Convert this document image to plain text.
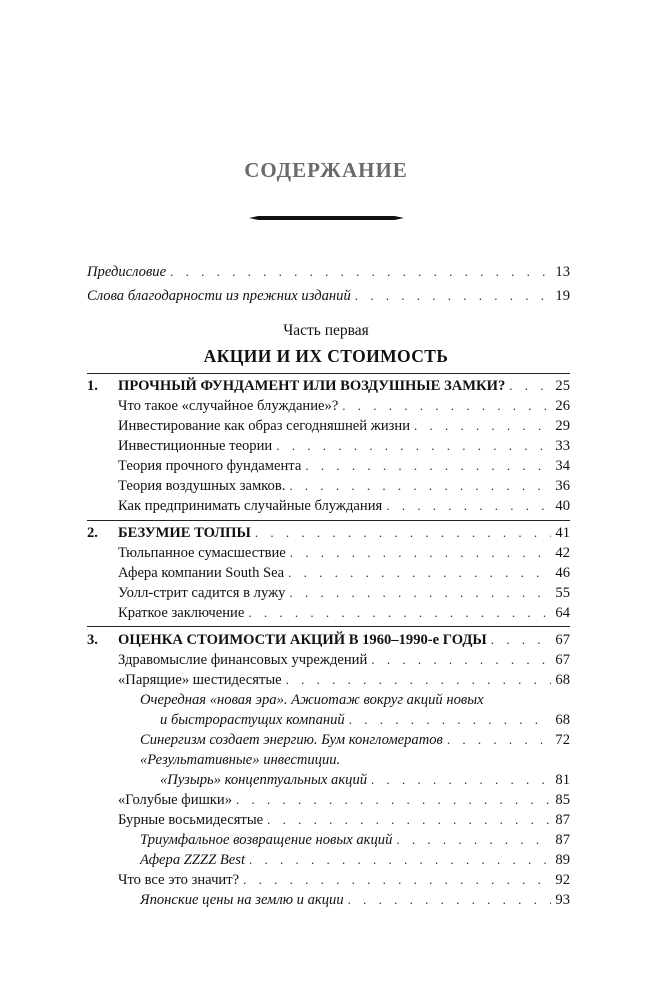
СОДЕРЖАНИЕ
Предисловие . . .	13
Слова благодарности из прежних изданий . . .	19
Часть первая
АКЦИИ И ИХ СТОИМОСТЬ
1. ПРОЧНЫЙ ФУНДАМЕНТ ИЛИ ВОЗДУШНЫЕ ЗАМКИ? . . .	25
Что такое «случайное блуждание»? . . .	26
Инвестирование как образ сегодняшней жизни . . .	29
Инвестиционные теории . . .	33
Теория прочного фундамента . . .	34
Теория воздушных замков. . . .	36
Как предпринимать случайные блуждания . . .	40
2. БЕЗУМИЕ ТОЛПЫ . . .	41
Тюльпанное сумасшествие . . .	42
Афера компании South Sea . . .	46
Уолл-стрит садится в лужу . . .	55
Краткое заключение . . .	64
3. ОЦЕНКА СТОИМОСТИ АКЦИЙ В 1960–1990-е ГОДЫ . . .	67
Здравомыслие финансовых учреждений . . .	67
«Парящие» шестидесятые . . .	68
Очередная «новая эра». Ажиотаж вокруг акций новых
и быстрорастущих компаний . . .	68
Синергизм создает энергию. Бум конгломератов . . .	72
«Результативные» инвестиции.
«Пузырь» концептуальных акций . . .	81
«Голубые фишки» . . .	85
Бурные восьмидесятые . . .	87
Триумфальное возвращение новых акций . . .	87
Афера ZZZZ Best . . .	89
Что все это значит? . . .	92
Японские цены на землю и акции . . .	93
